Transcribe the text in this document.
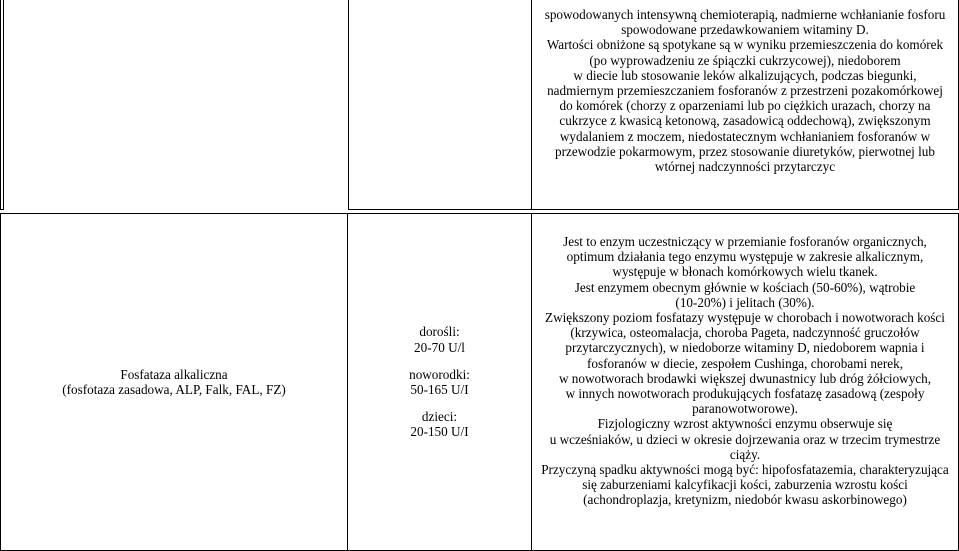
spowodowanych intensywną chemioterapią, nadmierne wchłanianie fosforu
spowodowane przedawkowaniem witaminy D.
Wartości obniżone są spotykane są w wyniku przemieszczenia do komórek
(po wyprowadzeniu ze śpiączki cukrzycowej), niedoborem
w diecie lub stosowanie leków alkalizujących, podczas biegunki,
nadmiernym przemieszczaniem fosforanów z przestrzeni pozakomórkowej
do komórek (chorzy z oparzeniami lub po ciężkich urazach, chorzy na
cukrzyce z kwasicą ketonową, zasadowicą oddechową), zwiększonym
wydalaniem z moczem, niedostatecznym wchłanianiem fosforanów w
przewodzie pokarmowym, przez stosowanie diuretyków, pierwotnej lub
wtórnej nadczynności przytarczyc
Fosfataza alkaliczna
(fosfotaza zasadowa, ALP, Falk, FAL, FZ)
dorośli:
20-70 U/l
noworodki:
50-165 U/I
dzieci:
20-150 U/I
Jest to enzym uczestniczący w przemianie fosforanów organicznych,
optimum działania tego enzymu występuje w zakresie alkalicznym,
występuje w błonach komórkowych wielu tkanek.
Jest enzymem obecnym głównie w kościach (50-60%), wątrobie
(10-20%) i jelitach (30%).
Zwiększony poziom fosfatazy występuje w chorobach i nowotworach kości
(krzywica, osteomalacja, choroba Pageta, nadczynność gruczołów
przytarczycznych), w niedoborze witaminy D, niedoborem wapnia i
fosforanów w diecie, zespołem Cushinga, chorobami nerek,
w nowotworach brodawki większej dwunastnicy lub dróg żółciowych,
w innych nowotworach produkujących fosfatazę zasadową (zespoły
paranowotworowe).
Fizjologiczny wzrost aktywności enzymu obserwuje się
u wcześniaków, u dzieci w okresie dojrzewania oraz w trzecim trymestrze
ciąży.
Przyczyną spadku aktywności mogą być: hipofosfatazemia, charakteryzująca
się zaburzeniami kalcyfikacji kości, zaburzenia wzrostu kości
(achondroplazja, kretynizm, niedobór kwasu askorbinowego)
